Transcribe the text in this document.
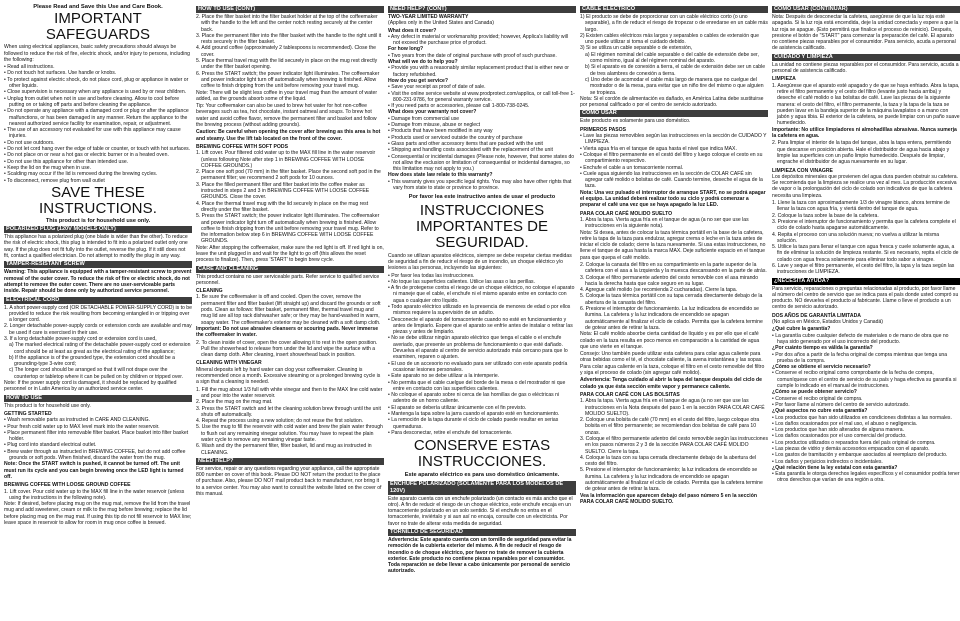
Please Read and Save this Use and Care Book.
IMPORTANT SAFEGUARDS
When using electrical appliances, basic safety precautions should always be followed to reduce the risk of fire, electric shock, and/or injury to persons, including the following:
• Read all instructions.
• Do not touch hot surfaces. Use handle or knobs.
• To protect against electric shock, do not place cord, plug or appliance in water or other liquids.
• Close supervision is necessary when any appliance is used by or near children.
• Unplug from outlet when not in use and before cleaning. Allow to cool before putting on or taking off parts and before cleaning the appliance.
• Do not operate any appliance with a damaged cord or plug or after the appliance malfunctions, or has been damaged in any manner. Return the appliance to the nearest authorized service facility for examination, repair, or adjustment.
• The use of an accessory not evaluated for use with this appliance may cause injuries.
• Do not use outdoors.
• Do not let cord hang over the edge of table or counter, or touch with hot surfaces.
• Do not place on or near a hot gas or electric burner or in a heated oven.
• Do not use this appliance for other than intended use.
• Keep the lid on the mug when in use.
• Scalding may occur if the lid is removed during the brewing cycles.
• To disconnect, remove plug from wall outlet
SAVE THESE INSTRUCTIONS.
This product is for household use only.
POLARIZED PLUG (120V MODELS ONLY)
This appliance has a polarized plug (one blade is wider than the other). To reduce the risk of electric shock, this plug is intended to fit into a polarized outlet only one way. If the plug does not fit fully into the outlet, reverse the plug. If it still does not fit, contact a qualified electrician. Do not attempt to modify the plug in any way.
TAMPER-RESISTANT SCREW
Warning: This appliance is equipped with a tamper-resistant screw to prevent removal of the outer cover. To reduce the risk of fire or electric shock, do not attempt to remove the outer cover. There are no user-serviceable parts inside. Repair should be done only by authorized service personnel.
ELECTRICAL CORD
1. A short power-supply cord (OR DETACHABLE POWER-SUPPLY CORD) is to be provided to reduce the risk resulting from becoming entangled in or tripping over a longer cord.
2. Longer detachable power-supply cords or extension cords are available and may be used if care is exercised in their use.
3. If a long detachable power-supply cord or extension cord is used,
a) The marked electrical rating of the detachable power-supply cord or extension cord should be at least as great as the electrical rating of the appliance;
b) If the appliance is of the grounded type, the extension cord should be a grounding-type 3-wire cord;
c) The longer cord should be arranged so that it will not drape over the countertop or tabletop where it can be pulled on by children or tripped over.
Note: If the power supply cord is damaged, it should be replaced by qualified personnel or in Latin America by an authorized service center.
HOW TO USE
This product is for household use only.
GETTING STARTED
• Wash removable parts as instructed in CARE AND CLEANING.
• Pour fresh cold water up to MAX level mark into the water reservoir.
• Place permanent filter into removable filter basket. Place basket into filter basket holder.
• Plug cord into standard electrical outlet.
• Brew water through as instructed in BREWING COFFEE, but do not add coffee grounds or soft pods. When finished, discard the water from the mug.
Note: Once the START switch is pushed, it cannot be turned off. The unit must run its cycle and you can begin brewing once the LED light is turned off.
BREWING COFFEE WITH LOOSE GROUND COFFEE
1. Lift cover. Pour cold water up to the MAX fill line in the water reservoir (unless using the instructions in the following note).
Note: If desired, before placing mug on the mug mat, remove the lid from the travel mug and add sweetener, cream or milk to the mug before brewing; replace the lid before placing mug on the mug mat. If using this tip do not fill reservoir to MAX line; leave space in reservoir to allow for room in mug once coffee is brewed.
HOW TO USE (CONT)
2. Place the filter basket into the filter basket holder at the top of the coffeemaker with the handle to the left and the center notch resting securely at the center back.
3. Place the permanent filter into the filter basket with the handle to the right until it rests securely in the filter basket.
4. Add ground coffee (approximately 2 tablespoons is recommended). Close the cover.
5. Place thermal travel mug with the lid securely in place on the mug rest directly under the filter basket opening.
6. Press the START switch; the power indicator light illuminates. The coffeemaker and power indicator light turn off automatically when brewing is finished. Allow coffee to finish dripping from the unit before removing your travel mug.
Note: There will be slight less coffee in your travel mug than the amount of water added, as the grounds absorb some of the liquid.
Tip: Your coffeemaker can also be used to brew hot water for hot non-coffee beverages such as tea, hot chocolate, instant oatmeal and soups. To brew hot water and avoid coffee flavor, remove the permanent filter and basket and follow the brewing process (without adding grounds).
Caution: Be careful when opening the cover after brewing as this area is hot and steamy. Use the lift tab located on the front of the cover.
BREWING COFFEE WITH SOFT PODS
1. Lift cover. Pour filtered cold water up to the MAX fill line in the water reservoir (unless following Note after step 1 in BREWING COFFEE WITH LOOSE COFFEE GROUNDS.)
2. Place one soft pod (70 mm) in the filter basket. Place the second soft pod in the permanent filter; we recommend 2 soft pods for 10 ounces.
3. Place the filled permanent filter and filter basket into the coffee maker as instructed in steps 2 and 3 in BREWING COFFEE WITH LOOSE COFFEE GROUNDS. Close the cover.
4. Place the thermal travel mug with the lid securely in place on the mug rest directly under the filter basket.
5. Press the START switch; the power indicator light illuminates. The coffeemaker and power indicator light turn off automatically when brewing is finished. Allow coffee to finish dripping from the unit before removing your travel mug. Refer to the information below step 6 in BREWING COFFEE WITH LOOSE COFFEE GROUNDS.
Note: After stopping the coffeemaker, make sure the red light is off. If red light is on, leave the unit plugged in and wait for the light to go off (this allows the reset process to finalize). Then, press 'START' to begin brew cycle.
CARE AND CLEANING
This product contains no user serviceable parts. Refer service to qualified service personnel.
CLEANING
1. Be sure the coffeemaker is off and cooled. Open the cover, remove the permanent filter and filter basket (lift straight up) and discard the grounds or soft pods. Clean as follows: filter basket, permanent filter, thermal travel mug and mug lid are all top rack dishwasher safe; or they may be hand-washed in warm, soapy water. The coffeemaker's exterior may be cleaned with a soft damp cloth.
Important: Do not use abrasive cleansers or scouring pads. Never immerse the coffeemaker in water.
2. To clean inside of cover, open the cover allowing it to rest in the open position. Pull the showerhead to release from under the lid and wipe the surface with a clean damp cloth. After cleaning, insert showerhead back in position.
CLEANING WITH VINEGAR
Mineral deposits left by hard water can clog your coffeemaker. Cleaning is recommended once a month. Excessive steaming or a prolonged brewing cycle is a sign that a cleaning is needed.
1. Fill the mug about 1/3 full with white vinegar and then to the MAX line cold water and pour into the water reservoir.
2. Place the mug on the mug mat.
3. Press the START switch and let the cleaning solution brew through until the unit shuts off automatically.
4. Repeat the process using a new solution; do not reuse the first solution.
5. Use the mug to fill the reservoir with cold water and brew the plain water through to flush out any remaining vinegar solution. You may have to repeat the plain water cycle to remove any remaining vinegar taste.
6. Wash and dry the permanent filter, filter basket, lid and mug as instructed in CLEANING.
NEED HELP?
For service, repair or any questions regarding your appliance, call the appropriate 800 number on cover of this book. Please DO NOT return the product to the place of purchase. Also, please DO NOT mail product back to manufacturer, nor bring it to a service center. You may also want to consult the website listed on the cover of this manual.
NEED HELP? (CONT)
TWO-YEAR LIMITED WARRANTY
(Applies only in the United States and Canada)
What does it cover?
• Any defect in material or workmanship provided; however, Applica's liability will not exceed the purchase price of product.
For how long?
• Two years from the date of original purchase with proof of such purchase.
What will we do to help you?
• Provide you with a reasonably similar replacement product that is either new or factory refurbished.
How do you get service?
• Save your receipt as proof of date of sale.
• Visit the online service website at www.prodprotect.com/applica, or call toll-free 1-800-231-9786, for general warranty service.
• If you need parts or accessories, please call 1-800-738-0245.
What does your warranty not cover?
• Damage from commercial use
• Damage from misuse, abuse or neglect
• Products that have been modified in any way
• Products used or serviced outside the country of purchase
• Glass parts and other accessory items that are packed with the unit
• Shipping and handling costs associated with the replacement of the unit
• Consequential or incidental damages (Please note, however, that some states do not allow the exclusion or limitation of consequential or incidental damages, so this limitation may not apply to you.)
How does state law relate to this warranty?
• This warranty gives you specific legal rights. You may also have other rights that vary from state to state or province to province.
Por favor lea este instructivo antes de usar el producto
INSTRUCCIONES IMPORTANTES DE SEGURIDAD.
Cuando se utilizan aparatos eléctricos, siempre se debe respetar ciertas medidas de seguridad a fin de reducir el riesgo de un incendio, un choque eléctrico y/o lesiones a las personas, incluyendo las siguientes:
• Por favor lea todas las instrucciones.
• No toque las superficies calientes. Utilice las asas o las perillas.
• A fin de protegerse contra el riesgo de un choque eléctrico, no coloque el aparato ni maneje que el cable, el enchufe ni el mismo aparato entre en contacto con agua o cualquier otro líquido.
• Todo aparato eléctrico utilizado en la presencia de menores de edad o por ellos mismos requiere la supervisión de un adulto.
• Desconecte el aparato del tomacorriente cuando no esté en funcionamiento y antes de limpiarlo. Espere que el aparato se enfríe antes de instalar o retirar las piezas y antes de limpiarlo.
• No se debe utilizar ningún aparato eléctrico que tenga el cable o el enchufe averiado, que presente un problema de funcionamiento o que esté dañado. Devuelva el aparato al centro de servicio autorizado más cercano para que lo examinen, reparen o ajusten.
• El uso de un accesorio no evaluado para ser utilizado con este aparato podría ocasionar lesiones personales.
• Este aparato no se debe utilizar a la intemperie.
• No permita que el cable cuelgue del borde de la mesa o del mostrador ni que entre en contacto con las superficies calientes.
• No coloque el aparato sobre ni cerca de las hornillas de gas o eléctricas ni adentro de un horno caliente.
• El aparato se debería utilizar únicamente con el fin previsto.
• Mantenga la tapa sobre la jarra cuando el aparato esté en funcionamiento.
• La remoción de la tapa durante el ciclo de colado puede resultar en serias quemaduras.
• Para desconectar, retire el enchufe del tomacorriente.
CONSERVE ESTAS INSTRUCCIONES.
Este aparato eléctrico es para uso doméstico únicamente.
ENCHUFE POLARIZADO (SOLAMENTE PARA LOS MODELOS DE 120V)
Este aparato cuenta con un enchufe polarizado (un contacto es más ancho que el otro). A fin de reducir el riesgo de un choque eléctrico, este enchufe encaja en un tomacorriente polarizado en un solo sentido. Si el enchufe no entra en el tomacorriente, inviértalo y si aun así no encaja, consulte con un electricista. Por favor no trate de alterar esta medida de seguridad.
TORNILLO DE SEGURIDAD
Advertencia: Este aparato cuenta con un tornillo de seguridad para evitar la remoción de la cubierta exterior del mismo. A fin de reducir el riesgo de incendio o de choque eléctrico, por favor no trate de remover la cubierta exterior. Este producto no contiene piezas reparables por el consumidor. Toda reparación se debe llevar a cabo únicamente por personal de servicio autorizado.
CABLE ELÉCTRICO
1) El producto se debe de proporcionar con un cable eléctrico corto (o uno separable), a fin de reducir el riesgo de tropezar o de enredarse en un cable más largo.
2) Existen cables eléctricos más largos y separables o cables de extensión que uno puede utilizar si toma el cuidado debido.
3) Si se utiliza un cable separable o de extensión,
a) El régimen nominal del cable separable o del cable de extensión debe ser, como mínimo, igual al del régimen nominal del aparato.
b) Si el aparato es de conexión a tierra, el cable de extensión debe ser un cable de tres alambres de conexión a tierra.
c) Uno debe de acomodar el cable más largo de manera que no cuelgue del mostrador o de la mesa, para evitar que un niño tire del mismo o que alguien se tropieza.
Nota: Si el cordón de alimentación es dañado, en América Latina debe sustituirse por personal calificado o por el centro de servicio autorizado.
COMO USAR
Este producto es solamente para uso doméstico.
PRIMEROS PASOS
• Lave las piezas removibles según las instrucciones en la sección de CUIDADO Y LIMPIEZA.
• Vierta agua fría en el tanque de agua hasta el nivel que indica MAX.
• Coloque el filtro permanente en el cestó del filtro y luego coloque el cesto en su compartimiento respectivo.
• Enchufe el cable a un tomacorriente normal.
• Cuele agua siguiendo las instrucciones en la sección de COLAR CAFÉ sin agregar café molido o bolsitas de café. Cuando termine, deseche el agua de la taza.
Nota: Una vez pulsado el interruptor de arranque START, no se podrá apagar el equipo. La unidad deberá realizar todo su ciclo y podrá comenzar a preparar el café una vez que se haya apagado la luz LED.
PARA COLAR CAFÉ MOLIDO SUELTO
1. Abra la tapa. Vierta agua fría en el tanque de agua (a no ser que use las instrucciones en la siguiente nota).
Nota: Si desea, antes de colocar la taza térmica portátil en la base de la cafetera, retire la tapa de la taza para endulzar, agregar crema o leche en la taza antes de iniciar el ciclo de colado; cierre la taza nuevamente. Si usa estas instrucciones, no llene el tanque de agua hasta la marca MAX. Deje suficiente espacio en el tanque para que quepa el café molido.
2. Coloque la canasta del filtro en su compartimiento en la parte superior de la cafetera con el asa a la izquierda y la muesca descansando en la parte de atrás.
3. Coloque el filtro permanente adentro del cesto removible con el asa mirando hacia la derecha hasta que calce seguro en su lugar.
4. Agregue café molido (se recomienda 2 cucharadas). Cierre la tapa.
5. Coloque la taza térmica portátil con su tapa cerrada directamente debajo de la abertura de la canasta del filtro.
6. Presione el interruptor de funcionamiento. La luz indicadora de encendido se ilumina. La cafetera y la luz indicadora de encendido se apagan automáticamente al finalizar el ciclo de colado. Permita que la cafetera termine de gotear antes de retirar la taza.
Nota: El café molido absorbe cierta cantidad de líquido y es por ello que el café colado en la taza resulta en poco menos en comparación a la cantidad de agua que uno vierte en el tanque.
Consejo: Uno también puede utilizar esta cafetera para colar agua caliente para otras bebidas como el té, el chocolate caliente, la avena instantánea y las sopas. Para colar agua caliente en la taza, coloque el filtro en el cesto removible del filtro y siga el proceso de colado (sin agregar café molido).
Advertencia: Tenga cuidado al abrir la tapa del tanque después del ciclo de colado ya que ésta sección emite vapor y permanece caliente.
PARA COLAR CAFÉ CON LAS BOLSITAS
1. Abra la tapa. Vierta agua fría en el tanque de agua (a no ser que use las instrucciones en la Nota después del paso 1 en la sección PARA COLAR CAFÉ MOLIDO SUELTO).
2. Coloque una bolsita de café (70 mm) en el cesto del filtro, luego coloque otra bolsita en el filtro permanente; se recomiendan dos bolsitas de café para 10 onzas.
3. Coloque el filtro permanente adentro del cesto removible según las instrucciones en los pasos números 2 y 3 de la sección PARA COLAR CAFÉ MOLIDO SUELTO. Cierre la tapa.
4. Coloque la taza con su tapa cerrada directamente debajo de la abertura del cesto del filtro.
5. Presione el interruptor de funcionamiento; la luz indicadora de encendido se ilumina. La cafetera y la luz indicadora de encendido se apagan automáticamente al finalizar el ciclo de colado. Permita que la cafetera termine de gotear antes de retirar la taza.
Vea la información que aparecen debajo del paso número 5 en la sección PARA COLAR CAFÉ MOLIDO SUELTO.
COMO USAR (CONTINUAR)
Nota: Después de desconectar la cafetera, asegúrese de que la luz roja esté apagada. Si la luz roja está encendida, deje la unidad conectada y espere a que la luz roja se apague. (Esto permitirá que finalice el proceso de reinicio). Después, presione el botón de "START" para comenzar la preparación del café. El aparato no contiene piezas reparables por el consumidor. Para servicio, acuda a personal de asistencia calificado.
CUIDADO Y LIMPIEZA
La unidad no contiene piezas reparables por el consumidor. Para servicio, acuda a personal de asistencia calificado.
LIMPIEZA
1. Asegúrese que el aparato esté apagado y de que se haya enfriado. Abra la tapa, retire el filtro permanente y el cesto del filtro (levante justo hacia arriba) y deseche el café molido o las bolsitas de café. Lave las piezas de la siguiente manera: el cesto del filtro, el filtro permanente, la taza y la tapa de la taza se pueden lavar en la bandeja superior de la máquina lavaplatos o a mano con jabón y agua tibia. El exterior de la cafetera, se puede limpiar con un paño suave humedecido.
Importante: No utilice limpiadores ni almohadillas abrasivas. Nunca sumerja la cafetera en agua.
2. Para limpiar el interior de la tapa del tanque, abra la tapa entera, permitiendo que descanse en posición abierta. Hale el distribuidor de agua hacia abajo y limpie las superficies con un paño limpio humedecido. Después de limpiar, engrache el distribuidor de agua nuevamente en su lugar.
LIMPIEZA CON VINAGRE
Los depósitos minerales que provienen del agua dura pueden obstruir su cafetera. Se recomienda que la limpieza se realice una vez al mes. La producción excesiva de vapor o la prolongación del ciclo de colado son indicativos de que la cafetera necesita una limpieza.
1. Llene la taza con aproximadamente 1/3 de vinagre blanco, ahora termine de llenar la taza con agua fría, y viertá dentro del tanque de agua.
2. Coloque la taza sobre la base de la cafetera.
3. Presione el interruptor de funcionamiento y permita que la cafetera complete el ciclo de colado hasta apagarse automáticamente.
4. Repita el proceso con una solución nueva; no vuelva a utilizar la misma solución.
5. Utilice la taza para llenar el tanque con agua fresca y cuele solamente agua, a fin de eliminar la solución de limpieza restante. Si es necesario, repita el ciclo de colado con agua fresca solamente para eliminar todo sabor a vinagre.
6. Lave y seque el filtro permanente, el cesto del filtro, la tapa y la taza según las instrucciones de LIMPIEZA.
¿NECESITA AYUDA?
Para servicio, reparaciones o preguntas relacionadas al producto, por favor llame al número del centro de servicio que se indica para el país donde usted compró su producto. NO devuelva el producto al fabricante. Llame o lleve el producto a un centro de servicio autorizado.
DOS AÑOS DE GARANTÍA LIMITADA
(No aplica en México, Estados Unidos y Canadá)
¿Qué cubre la garantía?
• La garantía cubre cualquier defecto de materiales o de mano de obra que no haya sido generado por el uso incorrecto del producto.
¿Por cuánto tiempo es válida la garantía?
• Por dos años a partir de la fecha original de compra mientras que tenga una prueba de la compra.
¿Cómo se obtiene el servicio necesario?
• Conserve el recibo original como comprobante de la fecha de compra, comuníquese con el centro de servicio de su país y haga efectiva su garantía si cumple lo indicado en el manual de instrucciones.
¿Cómo se puede obtener servicio?
• Conserve el recibo original de compra.
• Por favor llame al número del centro de servicio autorizado.
¿Qué aspectos no cubre esta garantía?
• Los productos que han sido utilizados en condiciones distintas a las normales.
• Los daños ocasionados por el mal uso, el abuso o negligencia.
• Los productos que han sido alterados de alguna manera.
• Los daños ocasionados por el uso comercial del producto.
• Los productos utilizados o reparados fuera del país original de compra.
• Las piezas de vidrio y demás accesorios empacados con el aparato.
• Los gastos de tramitación y embarque asociados al reemplazo del producto.
• Los daños y perjuicios indirectos o incidentales.
¿Qué relación tiene la ley estatal con esta garantía?
• Esta garantía le otorga derechos legales específicos y el consumidor podría tener otros derechos que varían de una región a otra.
